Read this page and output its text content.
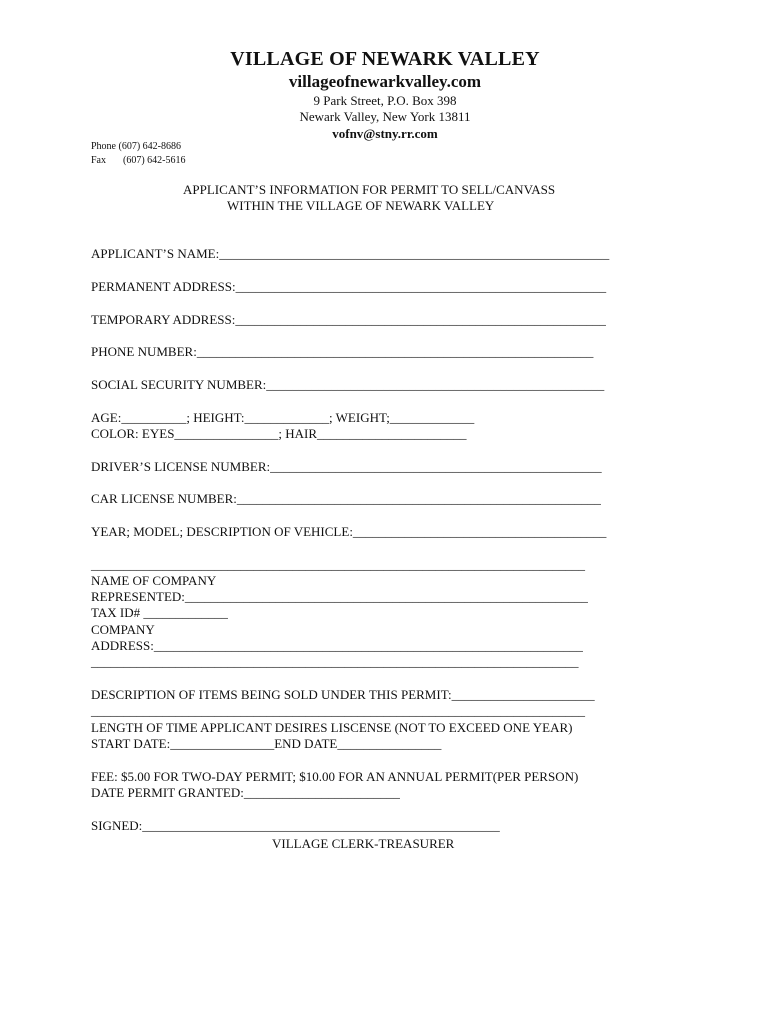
VILLAGE OF NEWARK VALLEY
villageofnewarkvalley.com
9 Park Street, P.O. Box 398
Newark Valley, New York 13811
vofnv@stny.rr.com
Phone (607) 642-8686
Fax (607) 642-5616
APPLICANT’S INFORMATION FOR PERMIT TO SELL/CANVASS
WITHIN THE VILLAGE OF NEWARK VALLEY
APPLICANT’S NAME:____________________________________________________________
PERMANENT ADDRESS:_________________________________________________________
TEMPORARY ADDRESS:_________________________________________________________
PHONE NUMBER:_____________________________________________________________
SOCIAL SECURITY NUMBER:____________________________________________________
AGE:__________; HEIGHT:_____________; WEIGHT;_____________
COLOR: EYES________________; HAIR_______________________
DRIVER’S LICENSE NUMBER:___________________________________________________
CAR LICENSE NUMBER:________________________________________________________
YEAR; MODEL; DESCRIPTION OF VEHICLE:_______________________________________
____________________________________________________________________________
NAME OF COMPANY
REPRESENTED:______________________________________________________________
TAX ID# _____________
COMPANY
ADDRESS:__________________________________________________________________
___________________________________________________________________________
DESCRIPTION OF ITEMS BEING SOLD UNDER THIS PERMIT:______________________
____________________________________________________________________________
LENGTH OF TIME APPLICANT DESIRES LISCENSE (NOT TO EXCEED ONE YEAR)
START DATE:________________END DATE________________
FEE: $5.00 FOR TWO-DAY PERMIT; $10.00 FOR AN ANNUAL PERMIT(PER PERSON)
DATE PERMIT GRANTED:________________________
SIGNED:_______________________________________________________
VILLAGE CLERK-TREASURER
